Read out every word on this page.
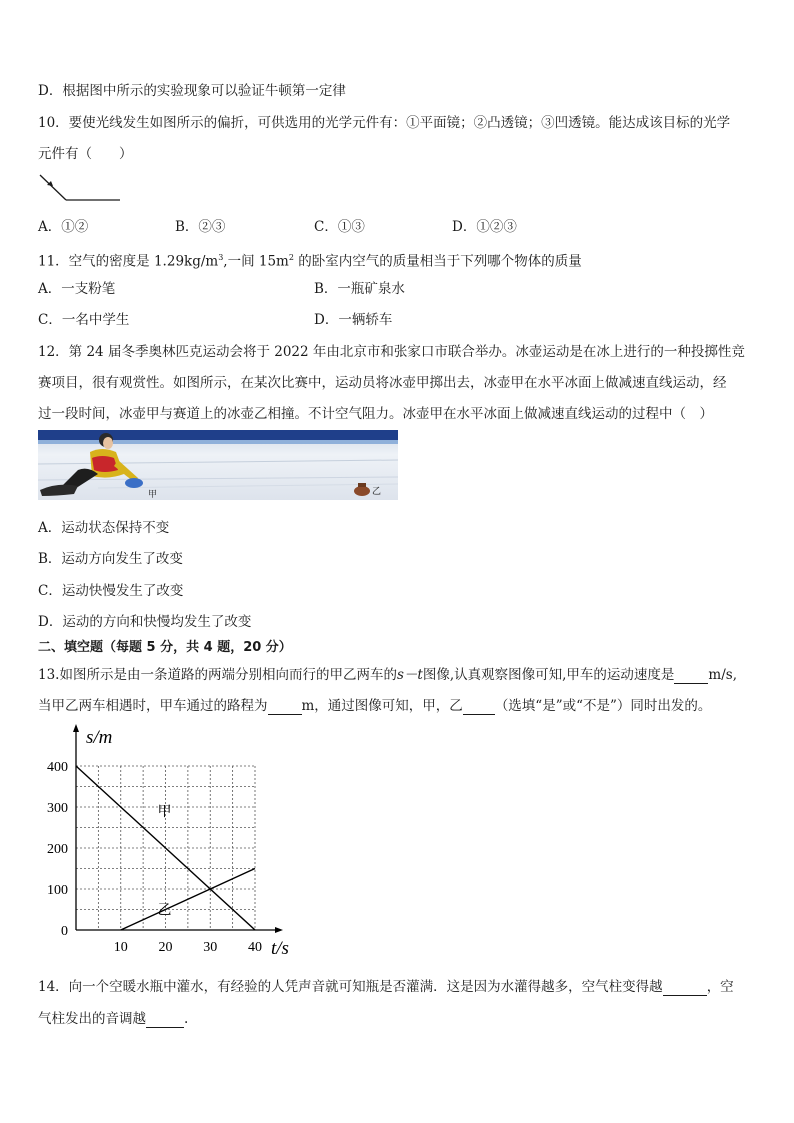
D．根据图中所示的实验现象可以验证牛顿第一定律
10．要使光线发生如图所示的偏折，可供选用的光学元件有：①平面镜；②凸透镜；③凹透镜。能达成该目标的光学
元件有（　　）
A．①②	B．②③	C．①③	D．①②③
11．空气的密度是 $1.29kg/m^3$,一间 $15m^2$ 的卧室内空气的质量相当于下列哪个物体的质量
A．一支粉笔	B．一瓶矿泉水
C．一名中学生	D．一辆轿车
12．第 24 届冬季奥林匹克运动会将于 2022 年由北京市和张家口市联合举办。冰壶运动是在冰上进行的一种投掷性竞
赛项目，很有观赏性。如图所示，在某次比赛中，运动员将冰壶甲掷出去，冰壶甲在水平冰面上做减速直线运动，经
过一段时间，冰壶甲与赛道上的冰壶乙相撞。不计空气阻力。冰壶甲在水平冰面上做减速直线运动的过程中（　）
甲	乙
A．运动状态保持不变
B．运动方向发生了改变
C．运动快慢发生了改变
D．运动的方向和快慢均发生了改变
二、填空题（每题 5 分，共 4 题，20 分）
13.如图所示是由一条道路的两端分别相向而行的甲乙两车的s－t图像,认真观察图像可知,甲车的运动速度是	m/s,
当甲乙两车相遇时，甲车通过的路程为	m，通过图像可知，甲，乙 （选填“是”或“不是”）同时出发的。
10 20 30 40
0
100
200
300
400
s/m
t/s
甲
乙
14．向一个空暖水瓶中灌水，有经验的人凭声音就可知瓶是否灌满．这是因为水灌得越多，空气柱变得越	，空
气柱发出的音调越	.
